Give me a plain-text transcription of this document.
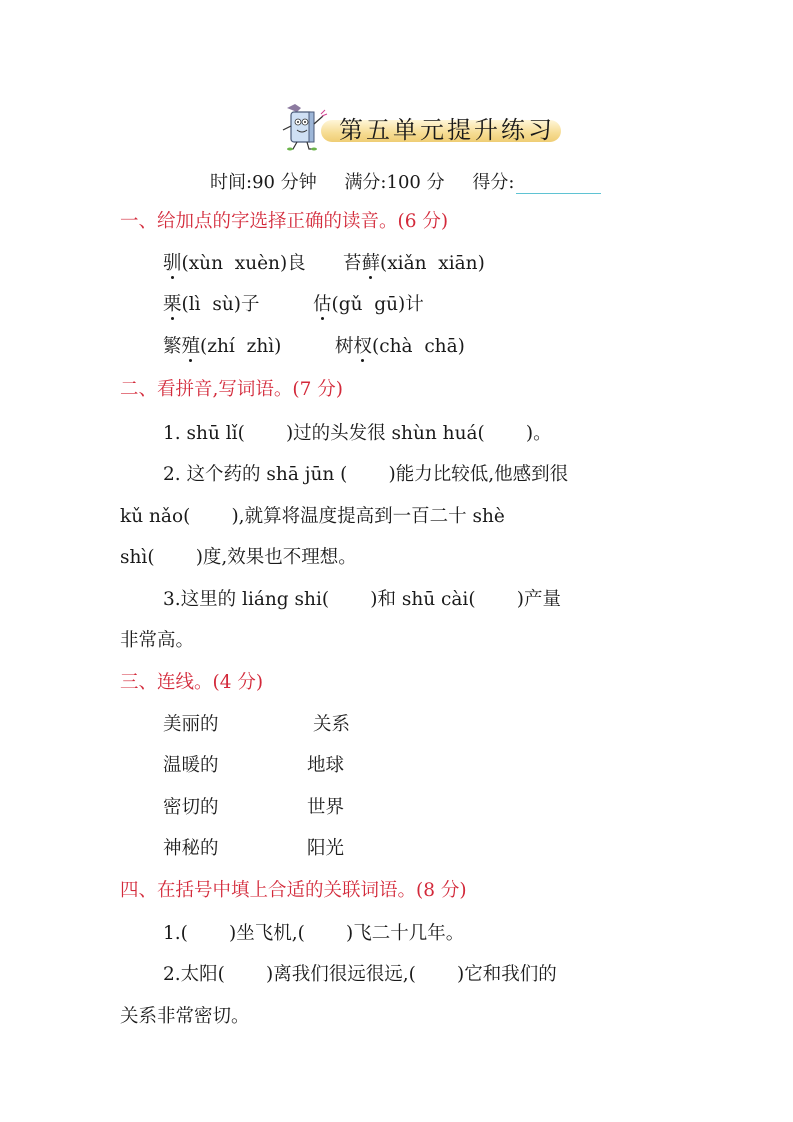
第五单元提升练习
时间:90 分钟 满分:100 分 得分:
一、给加点的字选择正确的读音。(6 分)
驯(xùn  xuèn)良 苔藓(xiǎn  xiān)
栗(lì  sù)子	估(gǔ  gū)计
繁殖(zhí  zhì)	树杈(chà  chā)
二、看拼音,写词语。(7 分)
1. shū lǐ(       )过的头发很 shùn huá(       )。
2. 这个药的 shā jūn (       )能力比较低,他感到很
kǔ nǎo(       ),就算将温度提高到一百二十 shè
shì(       )度,效果也不理想。
3.这里的 liáng shi(       )和 shū cài(       )产量
非常高。
三、连线。(4 分)
美丽的
温暖的
密切的
神秘的
关系
地球
世界
阳光
四、在括号中填上合适的关联词语。(8 分)
1.(       )坐飞机,(       )飞二十几年。
2.太阳(       )离我们很远很远,(       )它和我们的
关系非常密切。
